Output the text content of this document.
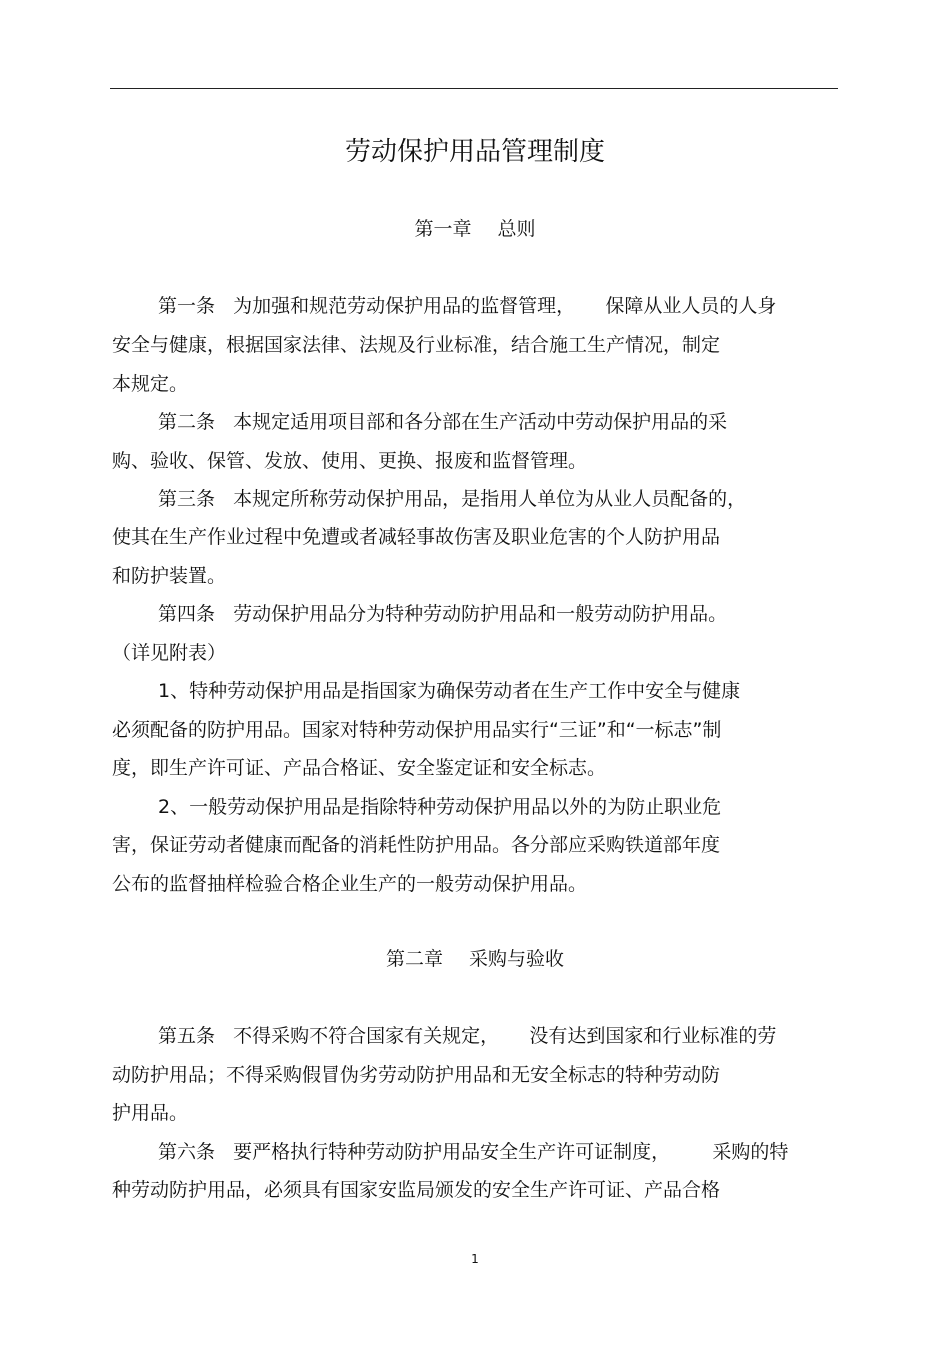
劳动保护用品管理制度
第一章 总则
第一条   为加强和规范劳动保护用品的监督管理，     保障从业人员的人身
安全与健康，根据国家法律、法规及行业标准，结合施工生产情况，制定
本规定。
第二条   本规定适用项目部和各分部在生产活动中劳动保护用品的采
购、验收、保管、发放、使用、更换、报废和监督管理。
第三条   本规定所称劳动保护用品，是指用人单位为从业人员配备的，
使其在生产作业过程中免遭或者减轻事故伤害及职业危害的个人防护用品
和防护装置。
第四条   劳动保护用品分为特种劳动防护用品和一般劳动防护用品。
（详见附表）
1、特种劳动保护用品是指国家为确保劳动者在生产工作中安全与健康
必须配备的防护用品。国家对特种劳动保护用品实行“三证”和“一标志”制
度，即生产许可证、产品合格证、安全鉴定证和安全标志。
2、一般劳动保护用品是指除特种劳动保护用品以外的为防止职业危
害，保证劳动者健康而配备的消耗性防护用品。各分部应采购铁道部年度
公布的监督抽样检验合格企业生产的一般劳动保护用品。
第二章 采购与验收
第五条   不得采购不符合国家有关规定，     没有达到国家和行业标准的劳
动防护用品；不得采购假冒伪劣劳动防护用品和无安全标志的特种劳动防
护用品。
第六条   要严格执行特种劳动防护用品安全生产许可证制度，       采购的特
种劳动防护用品，必须具有国家安监局颁发的安全生产许可证、产品合格
1
